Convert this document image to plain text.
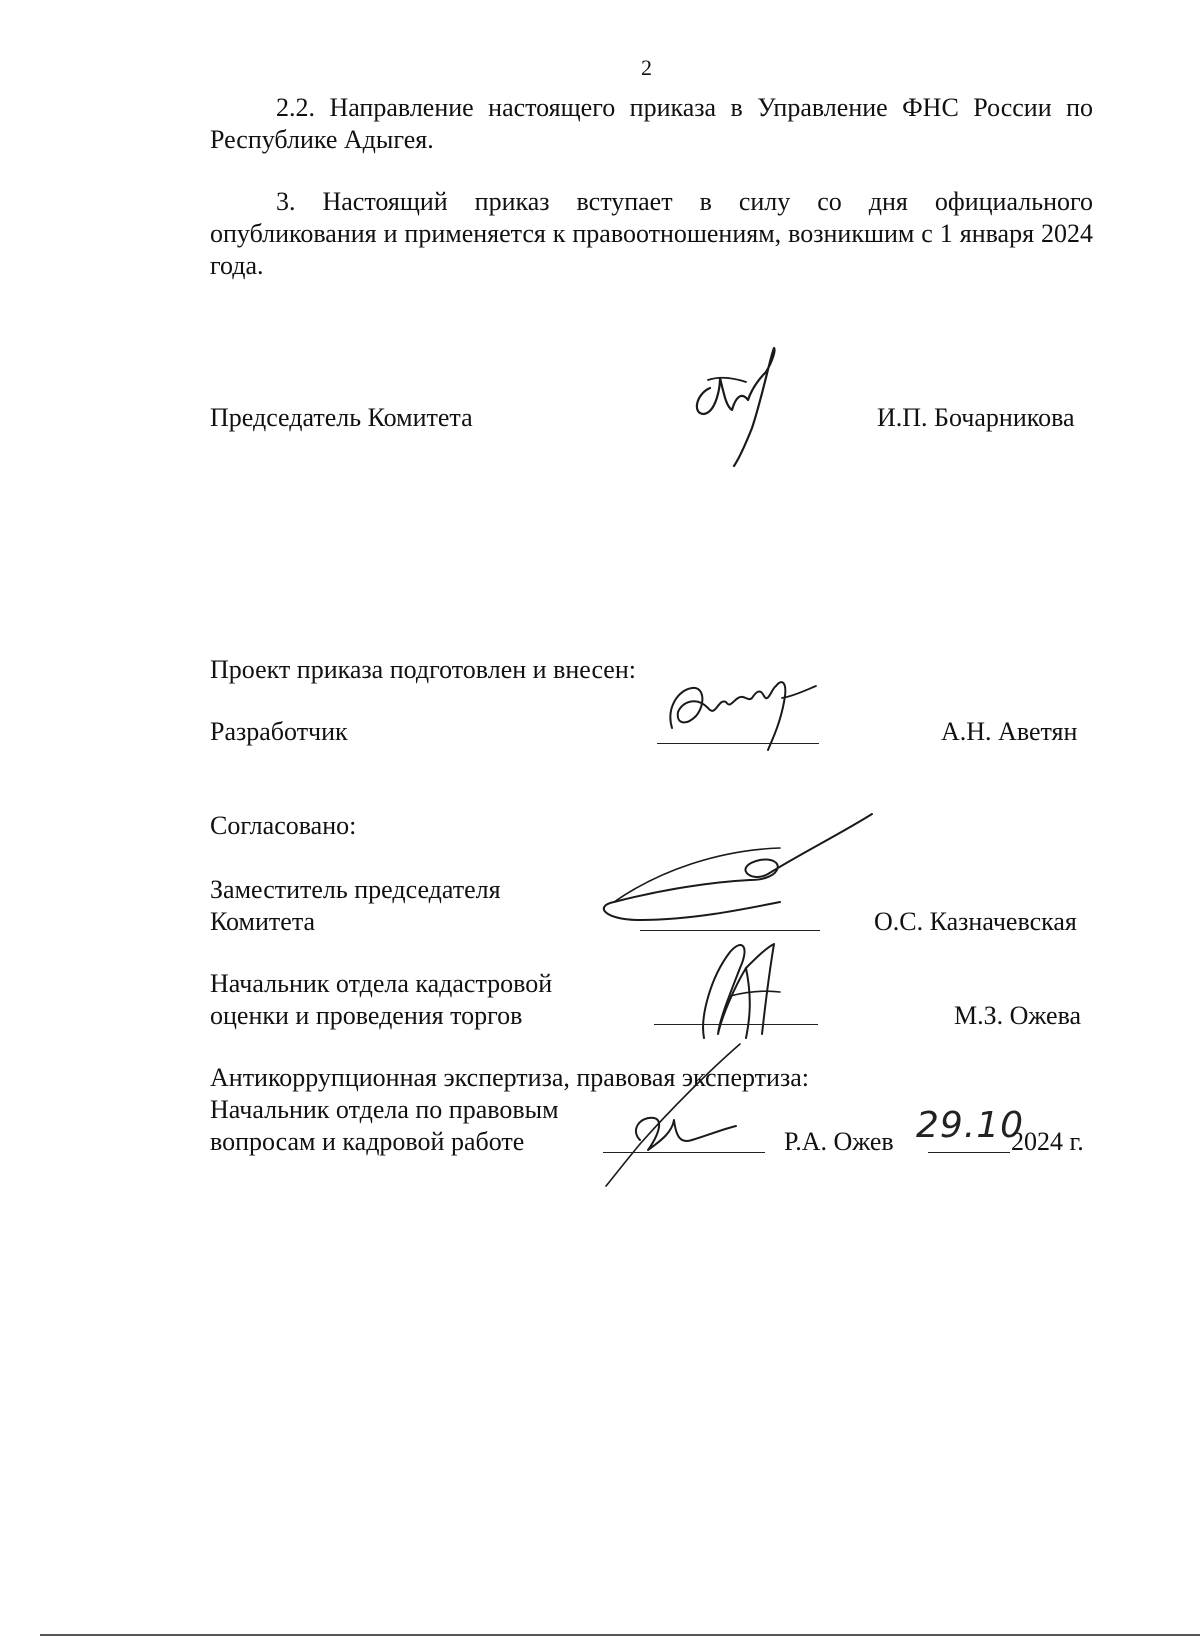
2

2.2. Направление настоящего приказа в Управление ФНС России по Республике Адыгея.

3. Настоящий приказ вступает в силу со дня официального опубликования и применяется к правоотношениям, возникшим с 1 января 2024 года.

Председатель Комитета	И.П. Бочарникова
Проект приказа подготовлен и внесен:
Разработчик	А.Н. Аветян
Согласовано:
Заместитель председателя
Комитета	О.С. Казначевская
Начальник отдела кадастровой
оценки и проведения торгов	М.З. Ожева
Антикоррупционная экспертиза, правовая экспертиза:
Начальник отдела по правовым
вопросам и кадровой работе	Р.А. Ожев 29.10
2024 г.
